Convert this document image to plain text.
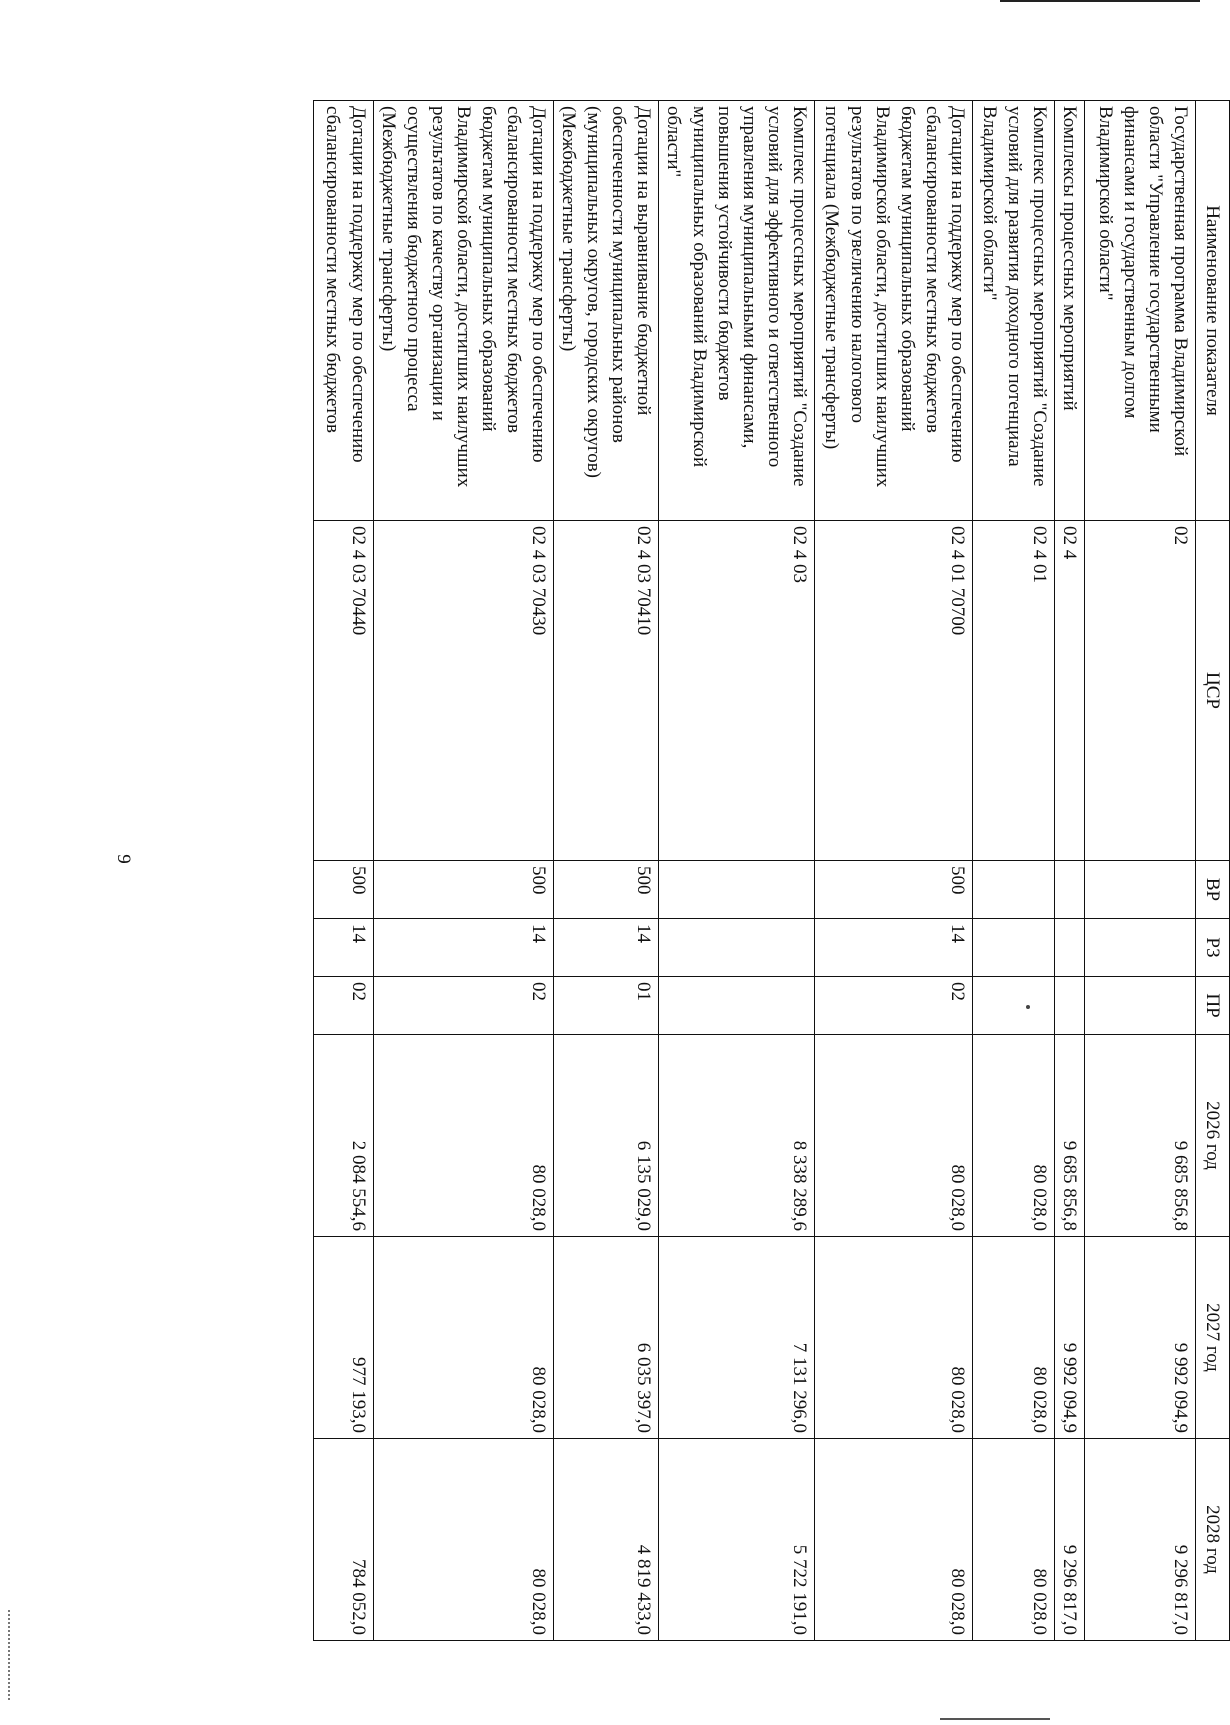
9
Наименование показателя	ЦСР	ВР	РЗ	ПР	2026 год	2027 год	2028 год
Государственная программа Владимирской области "Управление государственными финансами и государственным долгом Владимирской области"	02				9 685 856,8	9 992 094,9	9 296 817,0
Комплексы процессных мероприятий	02 4				9 685 856,8	9 992 094,9	9 296 817,0
Комплекс процессных мероприятий "Создание условий для развития доходного потенциала Владимирской области"	02 4 01				80 028,0	80 028,0	80 028,0
Дотации на поддержку мер по обеспечению сбалансированности местных бюджетов бюджетам муниципальных образований Владимирской области, достигших наилучших результатов по увеличению налогового потенциала (Межбюджетные трансферты)	02 4 01 70700	500	14	02	80 028,0	80 028,0	80 028,0
Комплекс процессных мероприятий "Создание условий для эффективного и ответственного управления муниципальными финансами, повышения устойчивости бюджетов муниципальных образований Владимирской области"	02 4 03				8 338 289,6	7 131 296,0	5 722 191,0
Дотации на выравнивание бюджетной обеспеченности муниципальных районов (муниципальных округов, городских округов) (Межбюджетные трансферты)	02 4 03 70410	500	14	01	6 135 029,0	6 035 397,0	4 819 433,0
Дотации на поддержку мер по обеспечению сбалансированности местных бюджетов бюджетам муниципальных образований Владимирской области, достигших наилучших результатов по качеству организации и осуществления бюджетного процесса (Межбюджетные трансферты)	02 4 03 70430	500	14	02	80 028,0	80 028,0	80 028,0
Дотации на поддержку мер по обеспечению сбалансированности местных бюджетов	02 4 03 70440	500	14	02	2 084 554,6	977 193,0	784 052,0
